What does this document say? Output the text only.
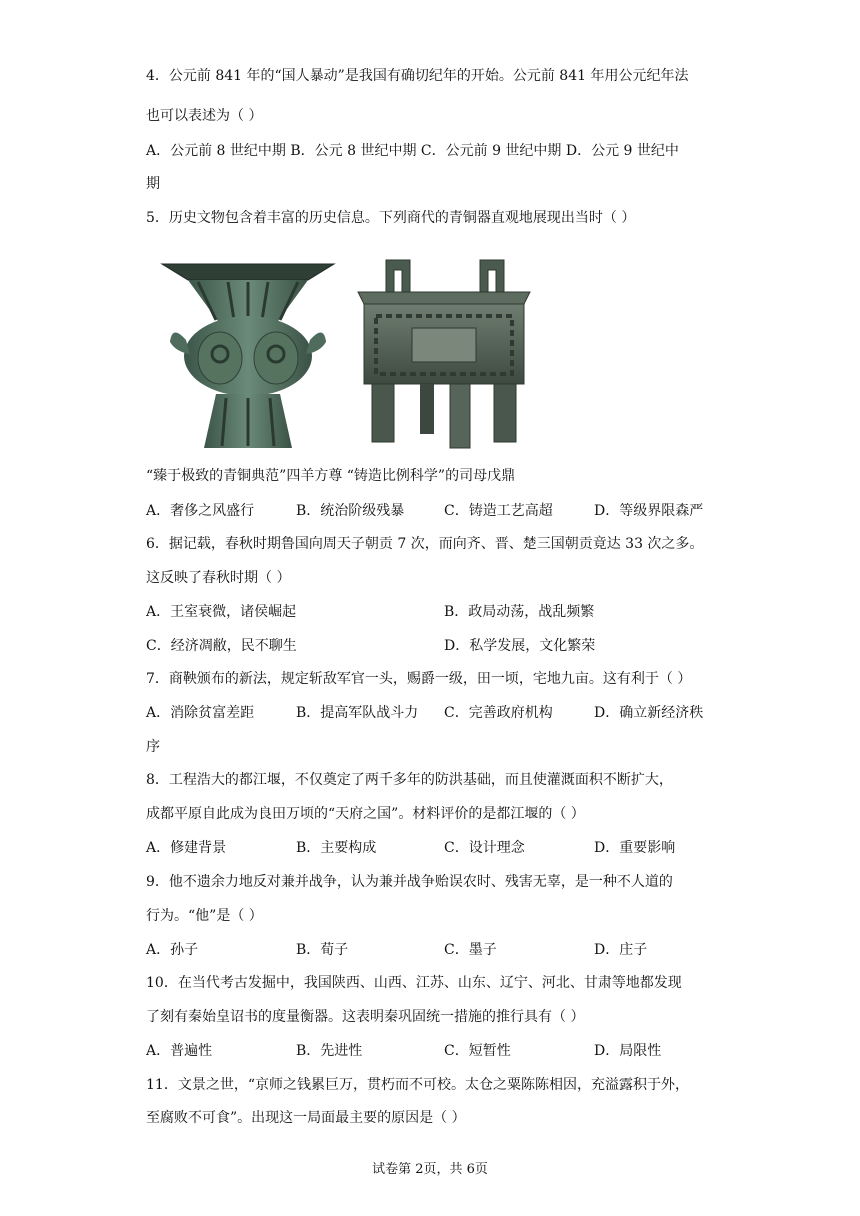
4．公元前 841 年的“国人暴动”是我国有确切纪年的开始。公元前 841 年用公元纪年法
也可以表述为（ ）
A．公元前 8 世纪中期 B．公元 8 世纪中期 C．公元前 9 世纪中期 D．公元 9 世纪中
期
5．历史文物包含着丰富的历史信息。下列商代的青铜器直观地展现出当时（ ）
“臻于极致的青铜典范”四羊方尊 “铸造比例科学”的司母戊鼎
A．奢侈之风盛行	B．统治阶级残暴	C．铸造工艺高超	D．等级界限森严
6．据记载，春秋时期鲁国向周天子朝贡 7 次，而向齐、晋、楚三国朝贡竟达 33 次之多。
这反映了春秋时期（ ）
A．王室衰微，诸侯崛起	B．政局动荡，战乱频繁
C．经济凋敝，民不聊生	D．私学发展，文化繁荣
7．商鞅颁布的新法，规定斩敌军官一头，赐爵一级，田一顷，宅地九亩。这有利于（ ）
A．消除贫富差距	B．提高军队战斗力 C．完善政府机构	D．确立新经济秩
序
8．工程浩大的都江堰，不仅奠定了两千多年的防洪基础，而且使灌溉面积不断扩大，
成都平原自此成为良田万顷的“天府之国”。材料评价的是都江堰的（ ）
A．修建背景	B．主要构成	C．设计理念	D．重要影响
9．他不遗余力地反对兼并战争，认为兼并战争贻误农时、残害无辜，是一种不人道的
行为。“他”是（ ）
A．孙子	B．荀子	C．墨子	D．庄子
10．在当代考古发掘中，我国陕西、山西、江苏、山东、辽宁、河北、甘肃等地都发现
了刻有秦始皇诏书的度量衡器。这表明秦巩固统一措施的推行具有（ ）
A．普遍性	B．先进性	C．短暂性	D．局限性
11．文景之世，“京师之钱累巨万，贯朽而不可校。太仓之粟陈陈相因，充溢露积于外，
至腐败不可食”。出现这一局面最主要的原因是（ ）
试卷第 2页，共 6页
